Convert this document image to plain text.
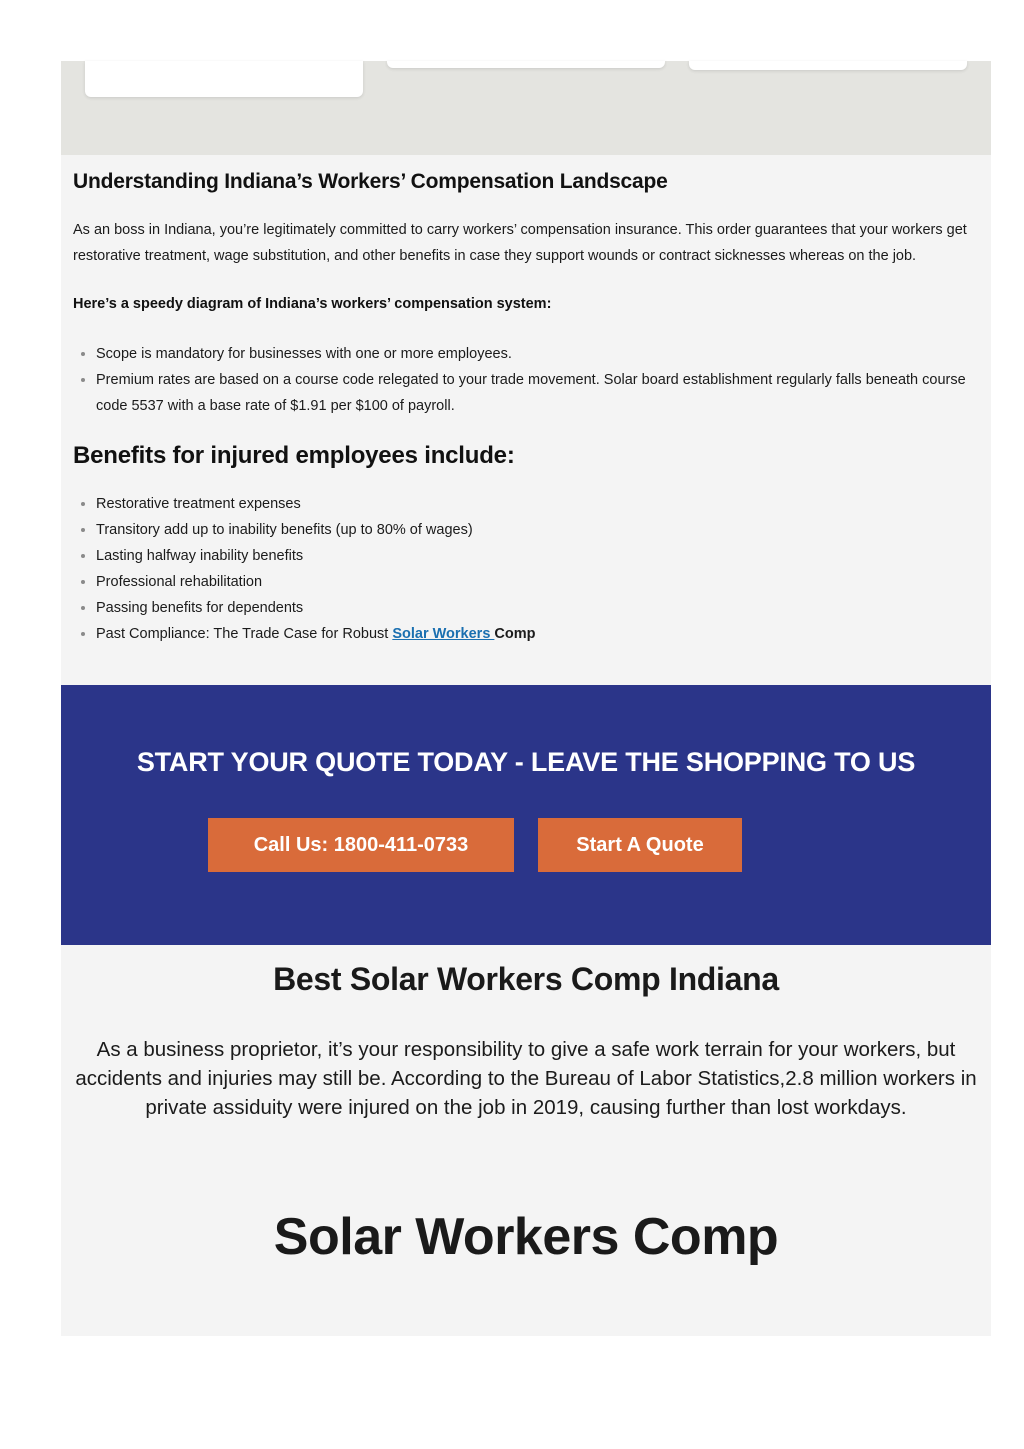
Understanding Indiana’s Workers’ Compensation Landscape

As an boss in Indiana, you’re legitimately committed to carry workers’ compensation insurance. This order guarantees that your workers get restorative treatment, wage substitution, and other benefits in case they support wounds or contract sicknesses whereas on the job.

Here’s a speedy diagram of Indiana’s workers’ compensation system:

• Scope is mandatory for businesses with one or more employees.
• Premium rates are based on a course code relegated to your trade movement. Solar board establishment regularly falls beneath course code 5537 with a base rate of $1.91 per $100 of payroll.
Benefits for injured employees include:
• Restorative treatment expenses
• Transitory add up to inability benefits (up to 80% of wages)
• Lasting halfway inability benefits
• Professional rehabilitation
• Passing benefits for dependents
• Past Compliance: The Trade Case for Robust Solar Workers Comp
START YOUR QUOTE TODAY - LEAVE THE SHOPPING TO US
Call Us: 1800-411-0733	Start A Quote
Best Solar Workers Comp Indiana

As a business proprietor, it’s your responsibility to give a safe work terrain for your workers, but accidents and injuries may still be. According to the Bureau of Labor Statistics,2.8 million workers in private assiduity were injured on the job in 2019, causing further than lost workdays.

Solar Workers Comp
